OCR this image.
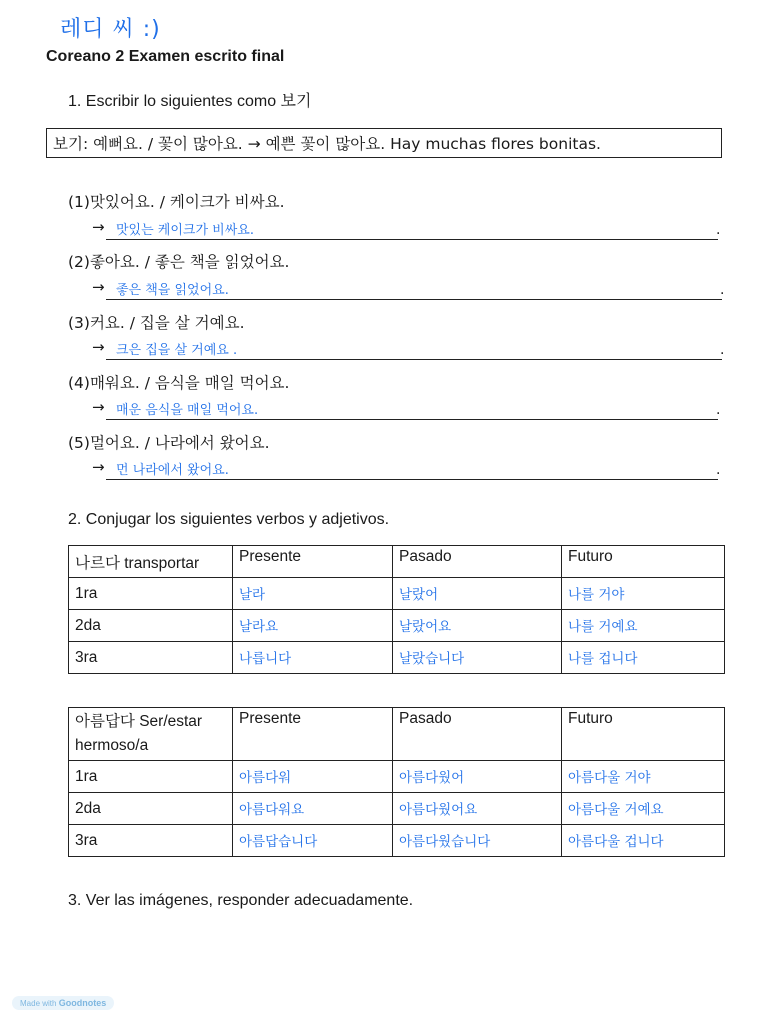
레디 씨 :)
Coreano 2 Examen escrito final
1. Escribir lo siguientes como 보기
보기: 예뻐요. / 꽃이 많아요. → 예쁜 꽃이 많아요. Hay muchas flores bonitas.
(1)맛있어요. / 케이크가 비싸요.
→ 맛있는 케이크가 비싸요.	.
(2)좋아요. / 좋은 책을 읽었어요.
→ 좋은 책을 읽었어요.	.
(3)커요. / 집을 살 거예요.
→ 크은 집을 살 거예요 .	.
(4)매워요. / 음식을 매일 먹어요.
→ 매운 음식을 매일 먹어요.	.
(5)멀어요. / 나라에서 왔어요.
→ 먼 나라에서 왔어요.	.
2. Conjugar los siguientes verbos y adjetivos.
나르다 transportar	Presente	Pasado	Futuro
1ra	날라	날랐어	나를 거야
2da	날라요	날랐어요	나를 거예요
3ra	나릅니다	날랐습니다	나를 겁니다
아름답다 Ser/estar hermoso/a	Presente	Pasado	Futuro
1ra	아름다워	아름다웠어	아름다울 거야
2da	아름다워요	아름다웠어요	아름다울 거예요
3ra	아름답습니다	아름다웠습니다	아름다울 겁니다
3. Ver las imágenes, responder adecuadamente.
Made with Goodnotes
